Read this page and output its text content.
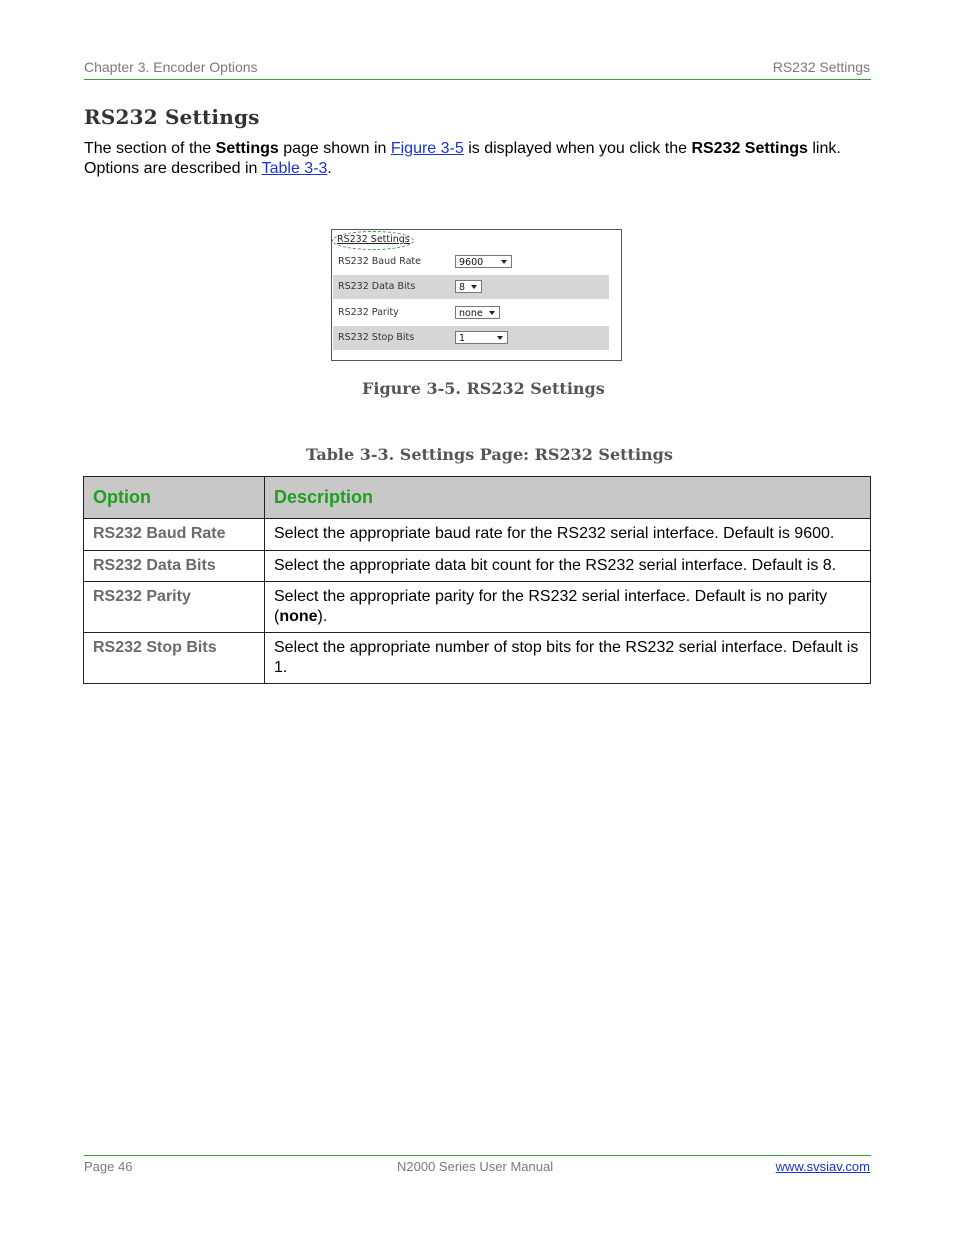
Chapter 3. Encoder Options	RS232 Settings
RS232 Settings
The section of the Settings page shown in Figure 3-5 is displayed when you click the RS232 Settings link. Options are described in Table 3-3.
RS232 Settings
RS232 Baud Rate	9600
RS232 Data Bits	8
RS232 Parity	none
RS232 Stop Bits	1
Figure 3-5. RS232 Settings
Table 3-3. Settings Page: RS232 Settings
Option	Description
RS232 Baud Rate	Select the appropriate baud rate for the RS232 serial interface. Default is 9600.
RS232 Data Bits	Select the appropriate data bit count for the RS232 serial interface. Default is 8.
RS232 Parity	Select the appropriate parity for the RS232 serial interface. Default is no parity (none).
RS232 Stop Bits	Select the appropriate number of stop bits for the RS232 serial interface. Default is 1.
Page 46	N2000 Series User Manual	www.svsiav.com
